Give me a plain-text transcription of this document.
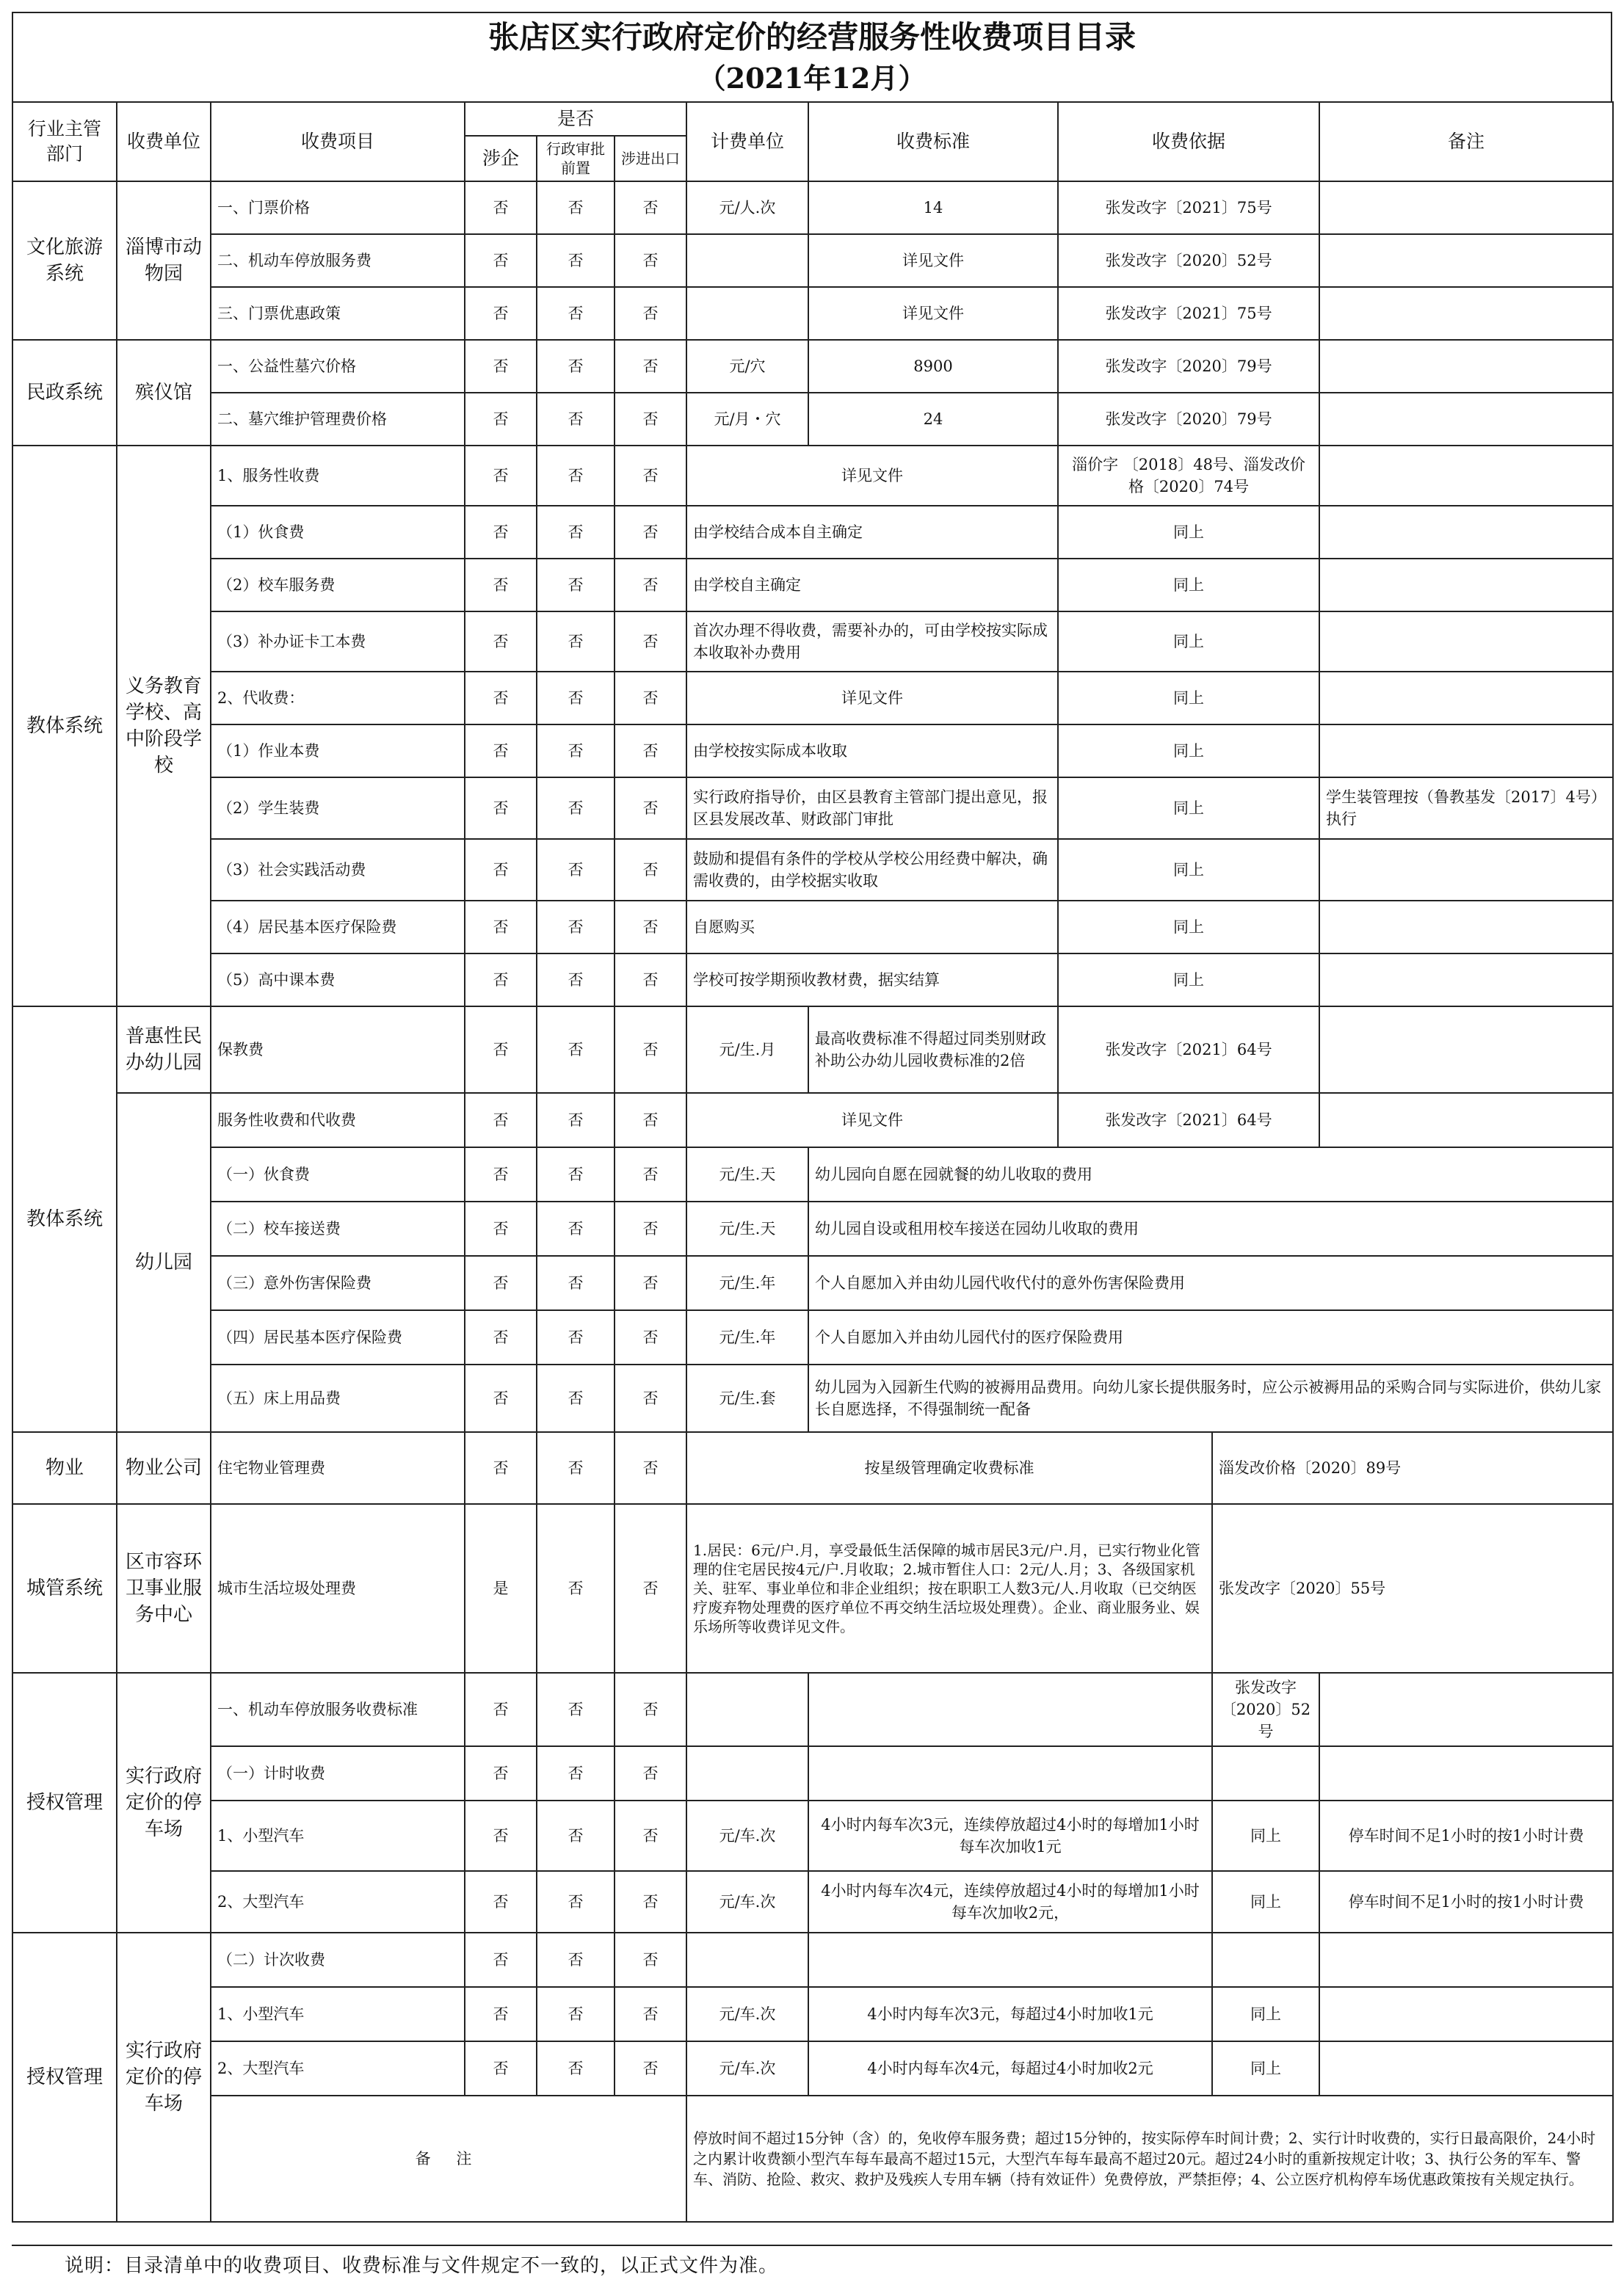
张店区实行政府定价的经营服务性收费项目目录
（2021年12月）
行业主管部门	收费单位	收费项目	是否			计费单位	收费标准	收费依据		备注
			涉企	行政审批前置	涉进出口					
文化旅游系统	淄博市动物园	一、门票价格	否	否	否	元/人.次	14	张发改字〔2021〕75号		
		二、机动车停放服务费	否	否	否		详见文件	张发改字〔2020〕52号		
		三、门票优惠政策	否	否	否		详见文件	张发改字〔2021〕75号		
民政系统	殡仪馆	一、公益性墓穴价格	否	否	否	元/穴	8900	张发改字〔2020〕79号		
		二、墓穴维护管理费价格	否	否	否	元/月・穴	24	张发改字〔2020〕79号		
教体系统	义务教育学校、高中阶段学校	1、服务性收费	否	否	否	详见文件		淄价字 〔2018〕48号、淄发改价格〔2020〕74号		
		（1）伙食费	否	否	否	由学校结合成本自主确定		同上		
		（2）校车服务费	否	否	否	由学校自主确定		同上		
		（3）补办证卡工本费	否	否	否	首次办理不得收费，需要补办的，可由学校按实际成本收取补办费用		同上		
		2、代收费：	否	否	否	详见文件		同上		
		（1）作业本费	否	否	否	由学校按实际成本收取		同上		
		（2）学生装费	否	否	否	实行政府指导价，由区县教育主管部门提出意见，报区县发展改革、财政部门审批		同上		学生装管理按（鲁教基发〔2017〕4号）执行
		（3）社会实践活动费	否	否	否	鼓励和提倡有条件的学校从学校公用经费中解决，确需收费的，由学校据实收取		同上		
		（4）居民基本医疗保险费	否	否	否	自愿购买		同上		
		（5）高中课本费	否	否	否	学校可按学期预收教材费，据实结算		同上		
教体系统	普惠性民办幼儿园	保教费	否	否	否	元/生.月	最高收费标准不得超过同类别财政补助公办幼儿园收费标准的2倍	张发改字〔2021〕64号		
	幼儿园	服务性收费和代收费	否	否	否	详见文件		张发改字〔2021〕64号		
		（一）伙食费	否	否	否	元/生.天	幼儿园向自愿在园就餐的幼儿收取的费用			
		（二）校车接送费	否	否	否	元/生.天	幼儿园自设或租用校车接送在园幼儿收取的费用			
		（三）意外伤害保险费	否	否	否	元/生.年	个人自愿加入并由幼儿园代收代付的意外伤害保险费用			
		（四）居民基本医疗保险费	否	否	否	元/生.年	个人自愿加入并由幼儿园代付的医疗保险费用			
		（五）床上用品费	否	否	否	元/生.套	幼儿园为入园新生代购的被褥用品费用。向幼儿家长提供服务时，应公示被褥用品的采购合同与实际进价，供幼儿家长自愿选择，不得强制统一配备			
物业	物业公司	住宅物业管理费	否	否	否	按星级管理确定收费标准			淄发改价格〔2020〕89号	
城管系统	区市容环卫事业服务中心	城市生活垃圾处理费	是	否	否	1.居民：6元/户.月，享受最低生活保障的城市居民3元/户.月，已实行物业化管理的住宅居民按4元/户.月收取；2.城市暂住人口：2元/人.月；3、各级国家机关、驻军、事业单位和非企业组织；按在职职工人数3元/人.月收取（已交纳医疗废弃物处理费的医疗单位不再交纳生活垃圾处理费）。企业、商业服务业、娱乐场所等收费详见文件。			张发改字〔2020〕55号	
授权管理	实行政府定价的停车场	一、机动车停放服务收费标准	否	否	否				张发改字〔2020〕52号	
		（一）计时收费	否	否	否					
		1、小型汽车	否	否	否	元/车.次	4小时内每车次3元，连续停放超过4小时的每增加1小时每车次加收1元		同上	停车时间不足1小时的按1小时计费
		2、大型汽车	否	否	否	元/车.次	4小时内每车次4元，连续停放超过4小时的每增加1小时每车次加收2元，		同上	停车时间不足1小时的按1小时计费
授权管理	实行政府定价的停车场	（二）计次收费	否	否	否					
		1、小型汽车	否	否	否	元/车.次	4小时内每车次3元，每超过4小时加收1元		同上	
		2、大型汽车	否	否	否	元/车.次	4小时内每车次4元，每超过4小时加收2元		同上	
		备 注				停放时间不超过15分钟（含）的，免收停车服务费；超过15分钟的，按实际停车时间计费；2、实行计时收费的，实行日最高限价，24小时之内累计收费额小型汽车每车最高不超过15元，大型汽车每车最高不超过20元。超过24小时的重新按规定计收；3、执行公务的军车、警车、消防、抢险、救灾、救护及残疾人专用车辆（持有效证件）免费停放，严禁拒停；4、公立医疗机构停车场优惠政策按有关规定执行。				
说明：目录清单中的收费项目、收费标准与文件规定不一致的，以正式文件为准。
